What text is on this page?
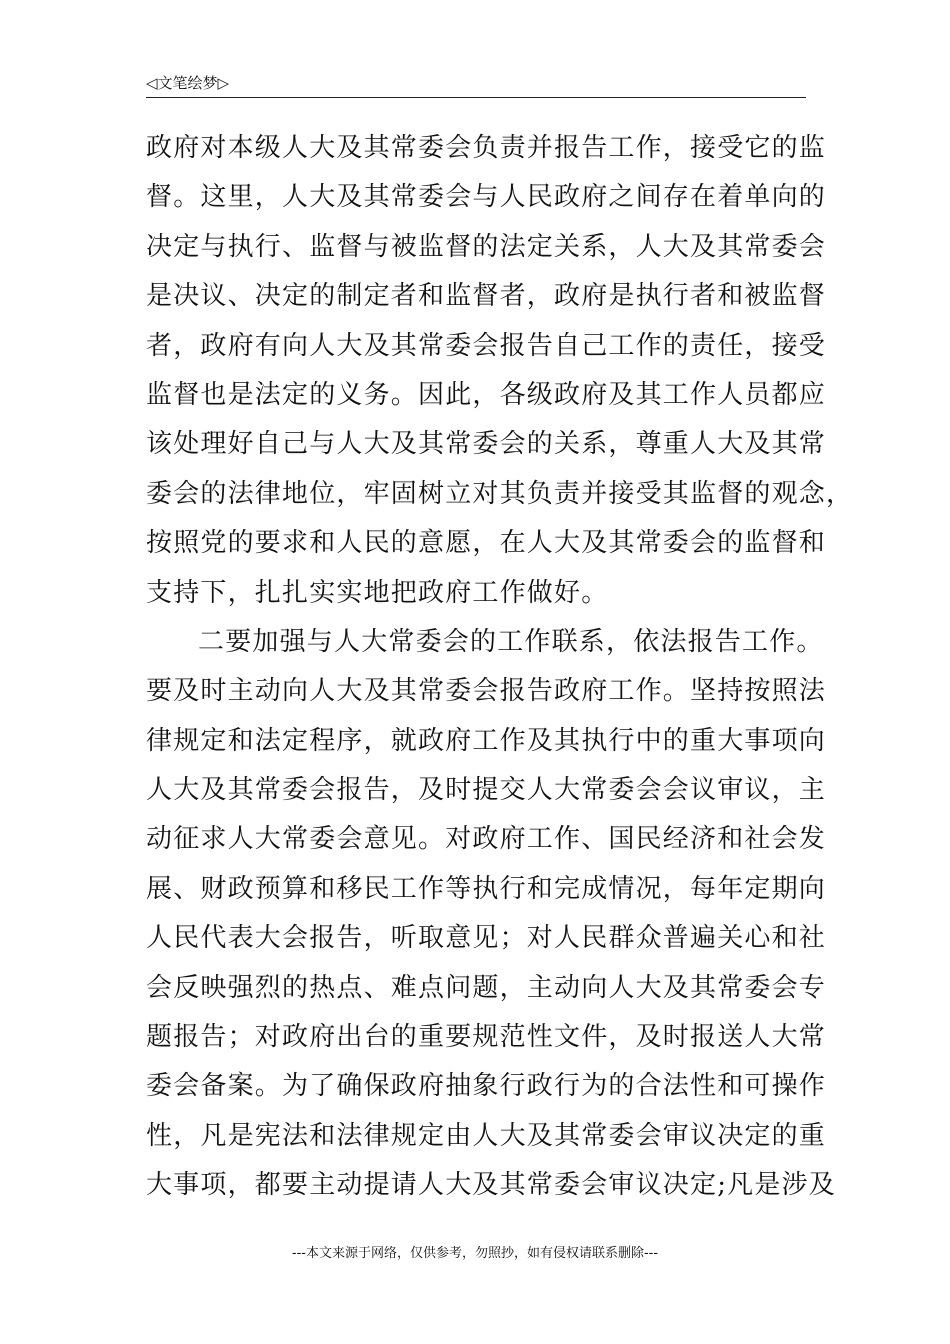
◁文笔绘梦▷
政府对本级人大及其常委会负责并报告工作，接受它的监
督。这里，人大及其常委会与人民政府之间存在着单向的
决定与执行、监督与被监督的法定关系，人大及其常委会
是决议、决定的制定者和监督者，政府是执行者和被监督
者，政府有向人大及其常委会报告自己工作的责任，接受
监督也是法定的义务。因此，各级政府及其工作人员都应
该处理好自己与人大及其常委会的关系，尊重人大及其常
委会的法律地位，牢固树立对其负责并接受其监督的观念，
按照党的要求和人民的意愿，在人大及其常委会的监督和
支持下，扎扎实实地把政府工作做好。
二要加强与人大常委会的工作联系，依法报告工作。
要及时主动向人大及其常委会报告政府工作。坚持按照法
律规定和法定程序，就政府工作及其执行中的重大事项向
人大及其常委会报告，及时提交人大常委会会议审议，主
动征求人大常委会意见。对政府工作、国民经济和社会发
展、财政预算和移民工作等执行和完成情况，每年定期向
人民代表大会报告，听取意见；对人民群众普遍关心和社
会反映强烈的热点、难点问题，主动向人大及其常委会专
题报告；对政府出台的重要规范性文件，及时报送人大常
委会备案。为了确保政府抽象行政行为的合法性和可操作
性，凡是宪法和法律规定由人大及其常委会审议决定的重
大事项，都要主动提请人大及其常委会审议决定;凡是涉及
---本文来源于网络，仅供参考，勿照抄，如有侵权请联系删除---
